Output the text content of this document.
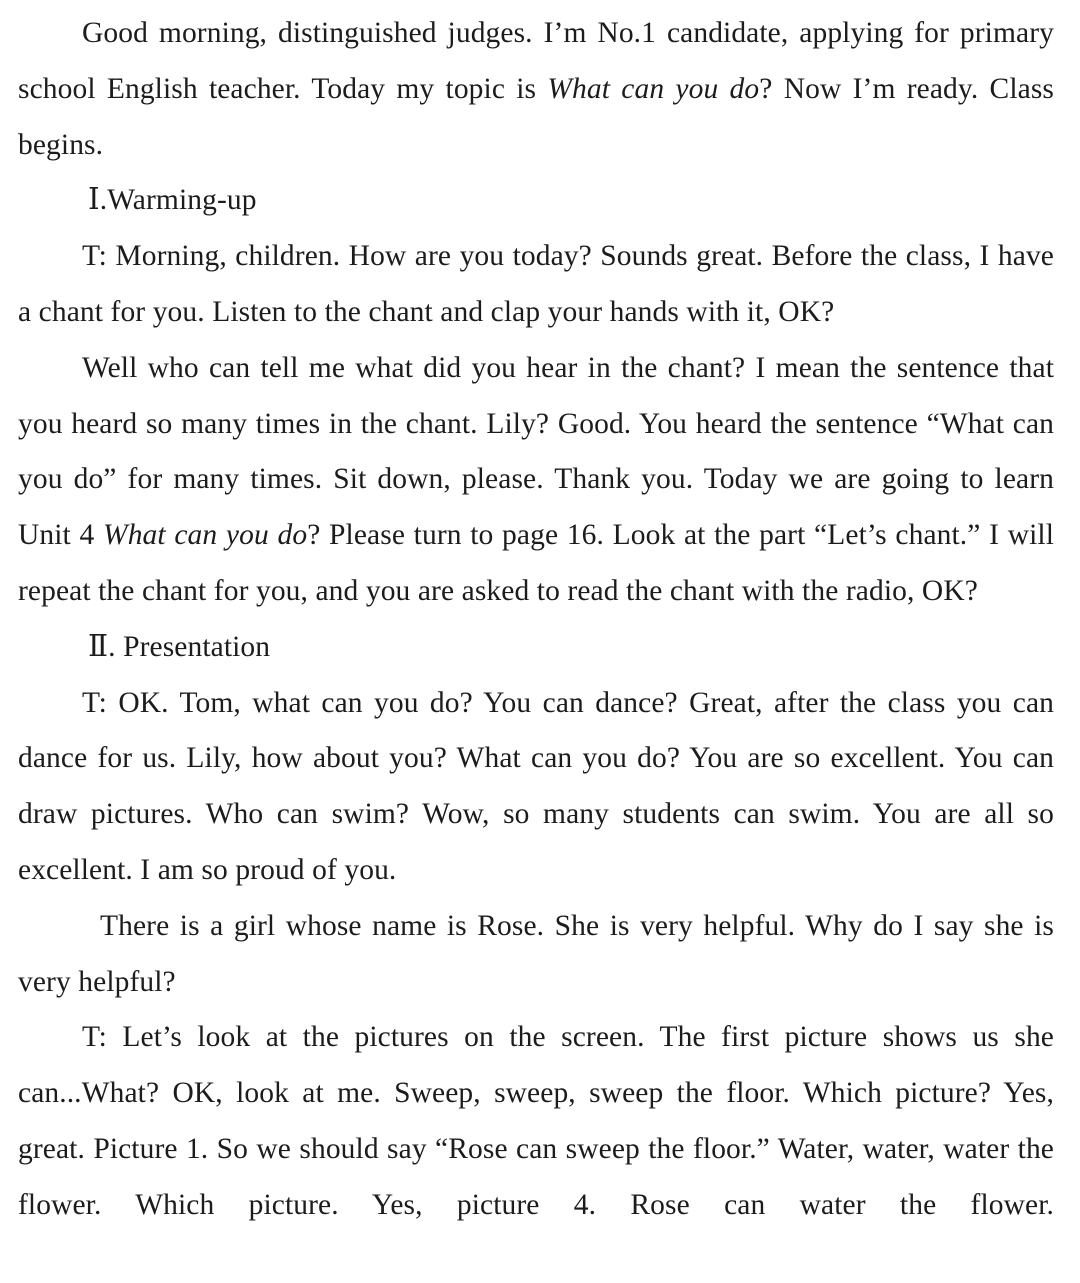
Good morning, distinguished judges. I’m No.1 candidate, applying for primary school English teacher. Today my topic is What can you do? Now I’m ready. Class begins.

Ⅰ.Warming-up

T: Morning, children. How are you today? Sounds great. Before the class, I have a chant for you. Listen to the chant and clap your hands with it, OK?

Well who can tell me what did you hear in the chant? I mean the sentence that you heard so many times in the chant. Lily? Good. You heard the sentence “What can you do” for many times. Sit down, please. Thank you. Today we are going to learn Unit 4 What can you do? Please turn to page 16. Look at the part “Let’s chant.” I will repeat the chant for you, and you are asked to read the chant with the radio, OK?

Ⅱ. Presentation

T: OK. Tom, what can you do? You can dance? Great, after the class you can dance for us. Lily, how about you? What can you do? You are so excellent. You can draw pictures. Who can swim? Wow, so many students can swim. You are all so excellent. I am so proud of you.

There is a girl whose name is Rose. She is very helpful. Why do I say she is very helpful?

T: Let’s look at the pictures on the screen. The first picture shows us she can...What? OK, look at me. Sweep, sweep, sweep the floor. Which picture? Yes, great. Picture 1. So we should say “Rose can sweep the floor.” Water, water, water the flower. Which picture. Yes, picture 4. Rose can water the flower.
